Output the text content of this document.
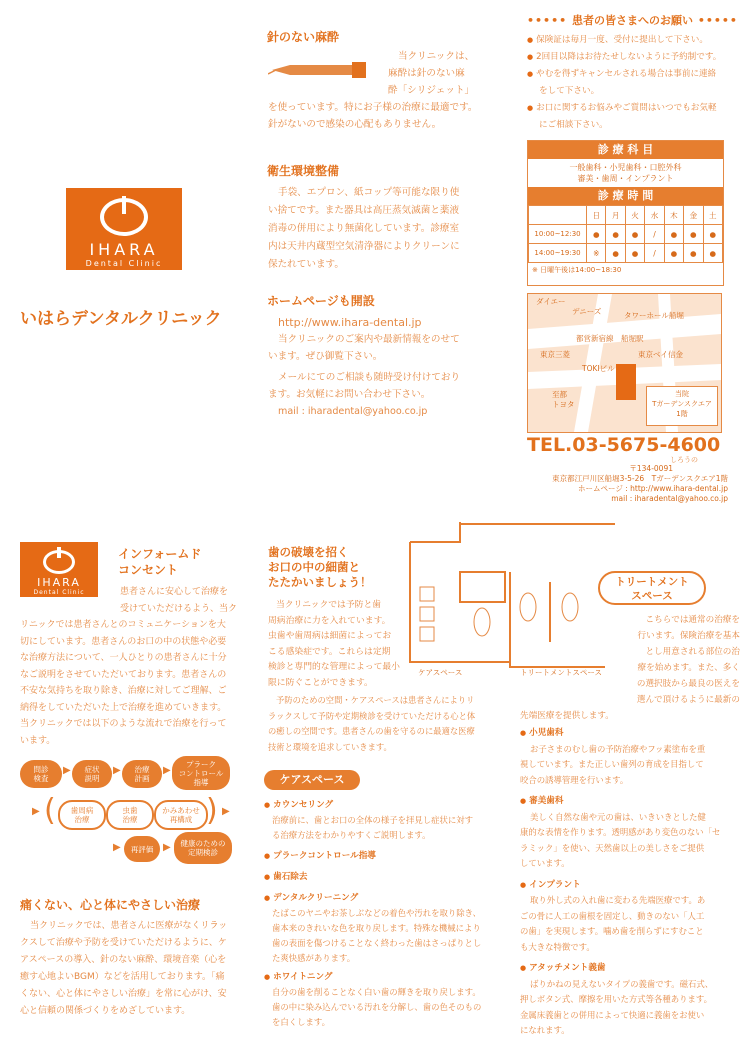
IHARA
Dental Clinic
いはらデンタルクリニック
針のない麻酔
当クリニックは、
麻酔は針のない麻
酔「シリジェット」
を使っています。特にお子様の治療に最適です。
針がないので感染の心配もありません。
衛生環境整備
手袋、エプロン、紙コップ等可能な限り使
い捨てです。また器具は高圧蒸気滅菌と薬液
消毒の併用により無菌化しています。診療室
内は天井内蔵型空気清浄器によりクリーンに
保たれています。
ホームページも開設
http://www.ihara-dental.jp
当クリニックのご案内や最新情報をのせて
います。ぜひ御覧下さい。
メールにてのご相談も随時受け付けており
ます。お気軽にお問い合わせ下さい。
mail : iharadental@yahoo.co.jp
••••• 患者の皆さまへのお願い •••••
● 保険証は毎月一度、受付に提出して下さい。
● 2回目以降はお待たせしないように予約制です。
● やむを得ずキャンセルされる場合は事前に連絡
をして下さい。
● お口に関するお悩みやご質問はいつでもお気軽
にご相談下さい。
診 療 科 目
一般歯科・小児歯科・口腔外科
審美・歯周・インプラント
診 療 時 間
	日	月	火	水	木	金	土
10:00~12:30	●	●	●	/	●	●	●
14:00~19:30	※	●	●	/	●	●	●
※ 日曜午後は14:00~18:30
ダイエー
デニーズ	タワーホール船堀
都営新宿線　船堀駅
東京三菱	東京ベイ信金
TOKIビル
至都
トヨタ
当院
Tガーデンスクエア
1階
TEL.03-5675-4600
しろうの
〒134-0091
東京都江戸川区船堀3-5-26　Tガーデンスクエア1階
ホームページ : http://www.ihara-dental.jp
mail : iharadental@yahoo.co.jp
IHARA
Dental Clinic
インフォームド
コンセント
患者さんに安心して治療を
受けていただけるよう、当ク
リニックでは患者さんとのコミュニケーションを大
切にしています。患者さんのお口の中の状態や必要
な治療方法について、一人ひとりの患者さんに十分
なご説明をさせていただいております。患者さんの
不安な気持ちを取り除き、治療に対してご理解、ご
納得をしていただいた上で治療を進めていきます。
当クリニックでは以下のような流れで治療を行って
います。
問診
検査
▶	症状
説明
▶	治療
計画
▶
プラーク
コントロール
指導
▶ (	歯周病
治療
虫歯
治療
かみあわせ
再構成 ) ▶
▶	再評価 ▶	健康のための
定期検診
痛くない、心と体にやさしい治療
当クリニックでは、患者さんに医療がなくリラッ
クスして治療や予防を受けていただけるように、ケ
アスペースの導入、針のない麻酔、環境音楽（心を
癒す心地よいBGM）などを活用しております。「痛
くない、心と体にやさしい治療」を常に心がけ、安
心と信頼の関係づくりをめざしています。
歯の破壊を招く
お口の中の細菌と
たたかいましょう！
当クリニックでは予防と歯
周病治療に力を入れています。
虫歯や歯周病は細菌によってお
こる感染症です。これらは定期
検診と専門的な管理によって最小
限に防ぐことができます。
予防のための空間・ケアスペースは患者さんによりリ
ラックスして予防や定期検診を受けていただける心と体
の癒しの空間です。患者さんの歯を守るのに最適な医療
技術と環境を追求していきます。
ケアスペース	トリートメントスペース
ケアスペース
● カウンセリング
治療前に、歯とお口の全体の様子を拝見し症状に対す
る治療方法をわかりやすくご説明します。
● プラークコントロール指導
● 歯石除去
● デンタルクリーニング
たばこのヤニやお茶しぶなどの着色や汚れを取り除き、
歯本来のきれいな色を取り戻します。特殊な機械により
歯の表面を傷つけることなく終わった歯はさっぱりとし
た爽快感があります。
● ホワイトニング
自分の歯を削ることなく白い歯の輝きを取り戻します。
歯の中に染み込んでいる汚れを分解し、歯の色そのもの
を白くします。
トリートメント
スペース
こちらでは通常の治療を
行います。保険治療を基本
とし用意される部位の治
療を始めます。また、多く
の選択肢から最良の医えを
選んで頂けるように最新の
先端医療を提供します。
● 小児歯科
お子さまのむし歯の予防治療やフッ素塗布を重
視しています。また正しい歯列の育成を目指して
咬合の誘導管理を行います。
● 審美歯科
美しく自然な歯や元の歯は、いきいきとした健
康的な表情を作ります。透明感があり変色のない「セ
ラミック」を使い、天然歯以上の美しさをご提供
しています。
● インプラント
取り外し式の入れ歯に変わる先端医療です。あ
ごの骨に人工の歯根を固定し、動きのない「人工
の歯」を実現します。噛め歯を削らずにすむこと
も大きな特徴です。
● アタッチメント義歯
ばりかねの見えないタイプの義歯です。磁石式、
押しボタン式、摩擦を用いた方式等各種あります。
金属床義歯との併用によって快適に義歯をお使い
になれます。
